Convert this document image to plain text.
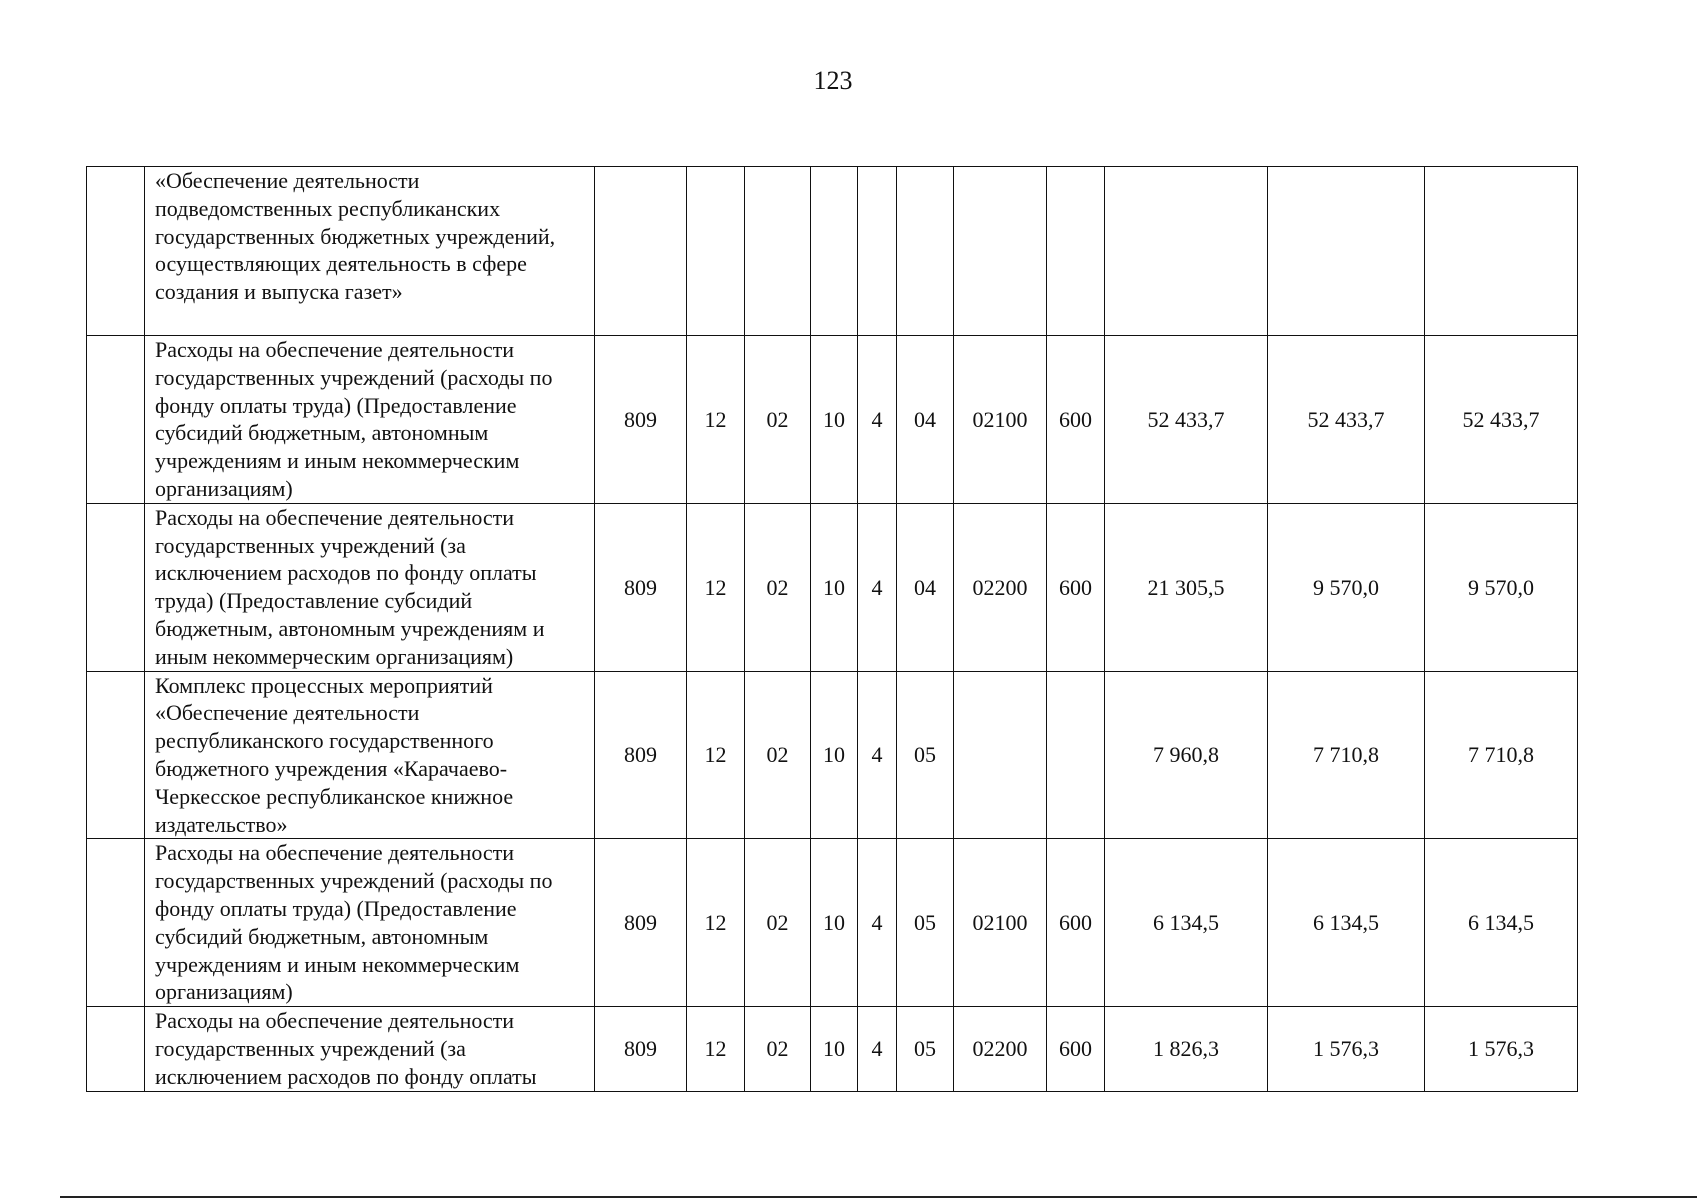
123
	«Обеспечение деятельности подведомственных республиканских государственных бюджетных учреждений, осуществляющих деятельность в сфере создания и выпуска газет»											
	Расходы на обеспечение деятельности государственных учреждений (расходы по фонду оплаты труда) (Предоставление субсидий бюджетным, автономным учреждениям и иным некоммерческим организациям)	809	12	02	10	4	04	02100	600	52 433,7	52 433,7	52 433,7
	Расходы на обеспечение деятельности государственных учреждений (за исключением расходов по фонду оплаты труда) (Предоставление субсидий бюджетным, автономным учреждениям и иным некоммерческим организациям)	809	12	02	10	4	04	02200	600	21 305,5	9 570,0	9 570,0
	Комплекс процессных мероприятий «Обеспечение деятельности республиканского государственного бюджетного учреждения «Карачаево-Черкесское республиканское книжное издательство»	809	12	02	10	4	05			7 960,8	7 710,8	7 710,8
	Расходы на обеспечение деятельности государственных учреждений (расходы по фонду оплаты труда) (Предоставление субсидий бюджетным, автономным учреждениям и иным некоммерческим организациям)	809	12	02	10	4	05	02100	600	6 134,5	6 134,5	6 134,5
	Расходы на обеспечение деятельности государственных учреждений (за исключением расходов по фонду оплаты	809	12	02	10	4	05	02200	600	1 826,3	1 576,3	1 576,3
